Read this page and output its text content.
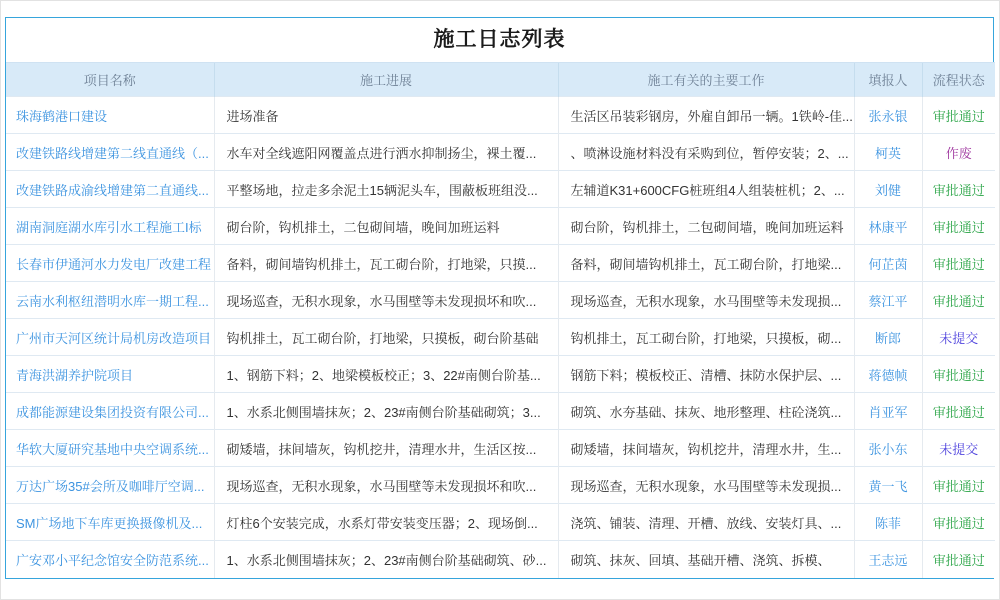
施工日志列表
项目名称	施工进展	施工有关的主要工作	填报人	流程状态
珠海鹤港口建设	进场准备	生活区吊装彩钢房，外雇自卸吊一辆。1铁岭-佳...	张永银	审批通过
改建铁路线增建第二线直通线（...	水车对全线遮阳网覆盖点进行洒水抑制扬尘，裸土覆...	、喷淋设施材料没有采购到位，暂停安装；2、...	柯英	作废
改建铁路成渝线增建第二直通线...	平整场地，拉走多余泥土15辆泥头车，围蔽板班组没...	左辅道K31+600CFG桩班组4人组装桩机；2、...	刘健	审批通过
湖南洞庭湖水库引水工程施工I标	砌台阶，钩机排土，二包砌间墙，晚间加班运料	砌台阶，钩机排土，二包砌间墙，晚间加班运料	林康平	审批通过
长春市伊通河水力发电厂改建工程	备料，砌间墙钩机排土，瓦工砌台阶，打地梁，只摸...	备料，砌间墙钩机排土，瓦工砌台阶，打地梁...	何芷茵	审批通过
云南水利枢纽潜明水库一期工程...	现场巡查，无积水现象，水马围壁等未发现损坏和吹...	现场巡查，无积水现象，水马围壁等未发现损...	蔡江平	审批通过
广州市天河区统计局机房改造项目	钩机排土，瓦工砌台阶，打地梁，只摸板，砌台阶基础	钩机排土，瓦工砌台阶，打地梁，只摸板，砌...	断郎	未提交
青海洪湖养护院项目	1、钢筋下料；2、地梁模板校正；3、22#南侧台阶基...	钢筋下料；模板校正、清槽、抹防水保护层、...	蒋德帧	审批通过
成都能源建设集团投资有限公司...	1、水系北侧围墙抹灰；2、23#南侧台阶基础砌筑；3...	砌筑、水夯基础、抹灰、地形整理、柱砼浇筑...	肖亚军	审批通过
华软大厦研究基地中央空调系统...	砌矮墙，抹间墙灰，钩机挖井，清理水井，生活区按...	砌矮墙，抹间墙灰，钩机挖井，清理水井，生...	张小东	未提交
万达广场35#会所及咖啡厅空调...	现场巡查，无积水现象，水马围壁等未发现损坏和吹...	现场巡查，无积水现象，水马围壁等未发现损...	黄一飞	审批通过
SM广场地下车库更换摄像机及...	灯柱6个安装完成，水系灯带安装变压器；2、现场倒...	浇筑、铺装、清理、开槽、放线、安装灯具、...	陈菲	审批通过
广安邓小平纪念馆安全防范系统...	1、水系北侧围墙抹灰；2、23#南侧台阶基础砌筑、砂...	砌筑、抹灰、回填、基础开槽、浇筑、拆模、	王志远	审批通过
